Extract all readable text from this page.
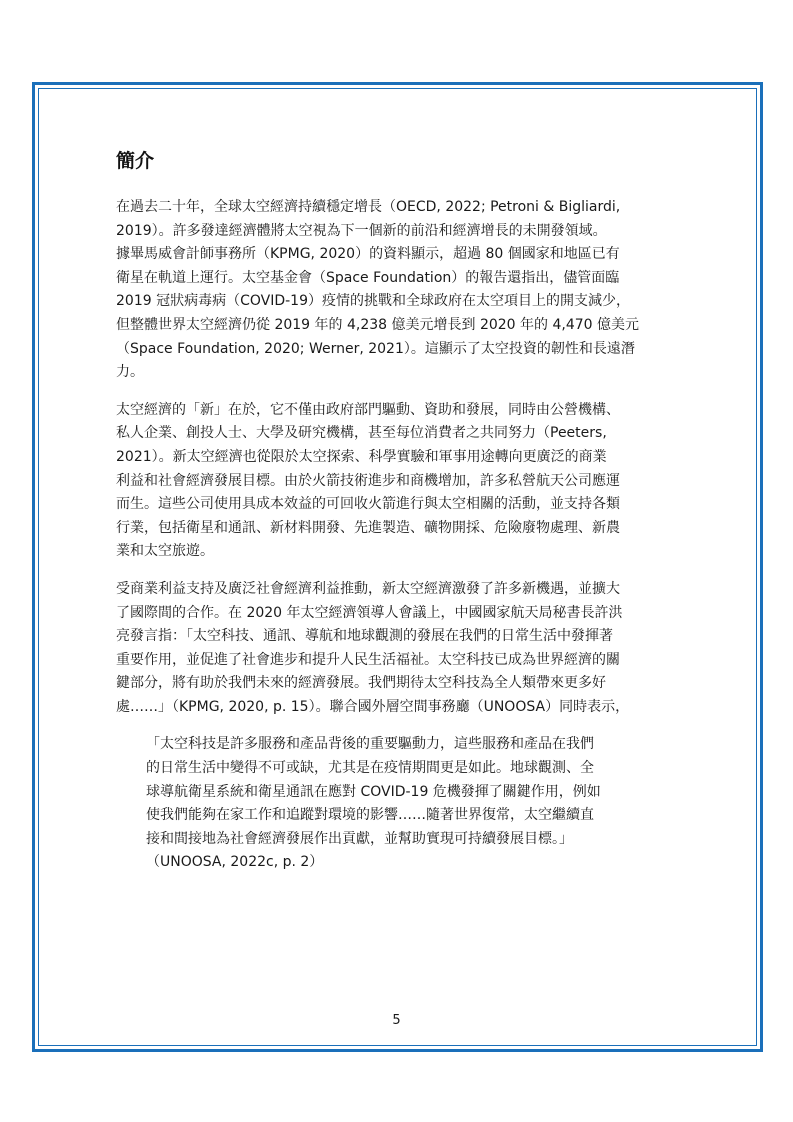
簡介
在過去二十年，全球太空經濟持續穩定增長（OECD, 2022; Petroni & Bigliardi,
2019）。許多發達經濟體將太空視為下一個新的前沿和經濟增長的未開發領域。
據畢馬威會計師事務所（KPMG, 2020）的資料顯示，超過 80 個國家和地區已有
衛星在軌道上運行。太空基金會（Space Foundation）的報告還指出，儘管面臨
2019 冠狀病毒病（COVID-19）疫情的挑戰和全球政府在太空項目上的開支減少，
但整體世界太空經濟仍從 2019 年的 4,238 億美元增長到 2020 年的 4,470 億美元
（Space Foundation, 2020; Werner, 2021）。這顯示了太空投資的韌性和長遠潛
力。
太空經濟的「新」在於，它不僅由政府部門驅動、資助和發展，同時由公營機構、
私人企業、創投人士、大學及研究機構，甚至每位消費者之共同努力（Peeters,
2021）。新太空經濟也從限於太空探索、科學實驗和軍事用途轉向更廣泛的商業
利益和社會經濟發展目標。由於火箭技術進步和商機增加，許多私營航天公司應運
而生。這些公司使用具成本效益的可回收火箭進行與太空相關的活動，並支持各類
行業，包括衛星和通訊、新材料開發、先進製造、礦物開採、危險廢物處理、新農
業和太空旅遊。
受商業利益支持及廣泛社會經濟利益推動，新太空經濟激發了許多新機遇，並擴大
了國際間的合作。在 2020 年太空經濟領導人會議上，中國國家航天局秘書長許洪
亮發言指：「太空科技、通訊、導航和地球觀測的發展在我們的日常生活中發揮著
重要作用，並促進了社會進步和提升人民生活福祉。太空科技已成為世界經濟的關
鍵部分，將有助於我們未來的經濟發展。我們期待太空科技為全人類帶來更多好
處……」（KPMG, 2020, p. 15）。聯合國外層空間事務廳（UNOOSA）同時表示，
「太空科技是許多服務和產品背後的重要驅動力，這些服務和產品在我們
的日常生活中變得不可或缺，尤其是在疫情期間更是如此。地球觀測、全
球導航衛星系統和衛星通訊在應對 COVID-19 危機發揮了關鍵作用，例如
使我們能夠在家工作和追蹤對環境的影響……隨著世界復常，太空繼續直
接和間接地為社會經濟發展作出貢獻，並幫助實現可持續發展目標。」
（UNOOSA, 2022c, p. 2）
5
